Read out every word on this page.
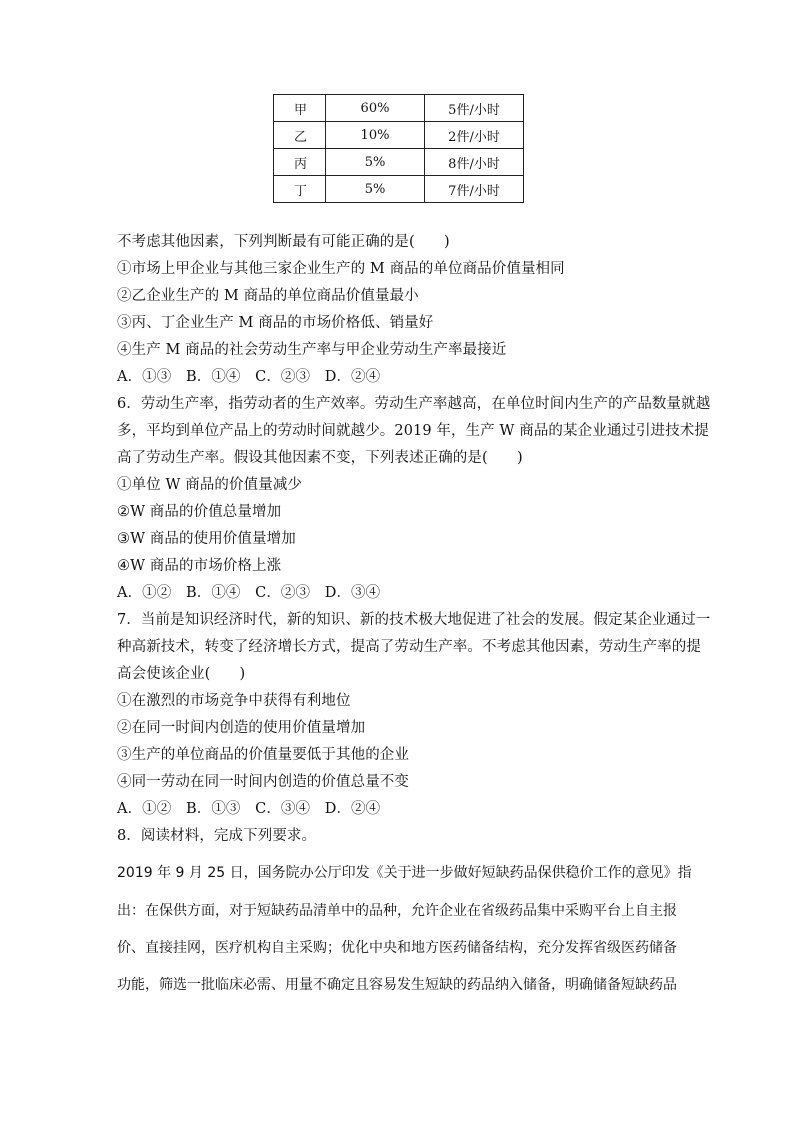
甲	60%	5件/小时
乙	10%	2件/小时
丙	5%	8件/小时
丁	5%	7件/小时
不考虑其他因素，下列判断最有可能正确的是(　　)
①市场上甲企业与其他三家企业生产的 M 商品的单位商品价值量相同
②乙企业生产的 M 商品的单位商品价值量最小
③丙、丁企业生产 M 商品的市场价格低、销量好
④生产 M 商品的社会劳动生产率与甲企业劳动生产率最接近
A．①③　B．①④　C．②③　D．②④
6．劳动生产率，指劳动者的生产效率。劳动生产率越高，在单位时间内生产的产品数量就越
多，平均到单位产品上的劳动时间就越少。2019 年，生产 W 商品的某企业通过引进技术提
高了劳动生产率。假设其他因素不变，下列表述正确的是(　　)
①单位 W 商品的价值量减少
②W 商品的价值总量增加
③W 商品的使用价值量增加
④W 商品的市场价格上涨
A．①②　B．①④　C．②③　D．③④
7．当前是知识经济时代，新的知识、新的技术极大地促进了社会的发展。假定某企业通过一
种高新技术，转变了经济增长方式，提高了劳动生产率。不考虑其他因素，劳动生产率的提
高会使该企业(　　)
①在激烈的市场竞争中获得有利地位
②在同一时间内创造的使用价值量增加
③生产的单位商品的价值量要低于其他的企业
④同一劳动在同一时间内创造的价值总量不变
A．①②　B．①③　C．③④　D．②④
8．阅读材料，完成下列要求。
2019 年 9 月 25 日，国务院办公厅印发《关于进一步做好短缺药品保供稳价工作的意见》指
出：在保供方面，对于短缺药品清单中的品种，允许企业在省级药品集中采购平台上自主报
价、直接挂网，医疗机构自主采购；优化中央和地方医药储备结构，充分发挥省级医药储备
功能，筛选一批临床必需、用量不确定且容易发生短缺的药品纳入储备，明确储备短缺药品
